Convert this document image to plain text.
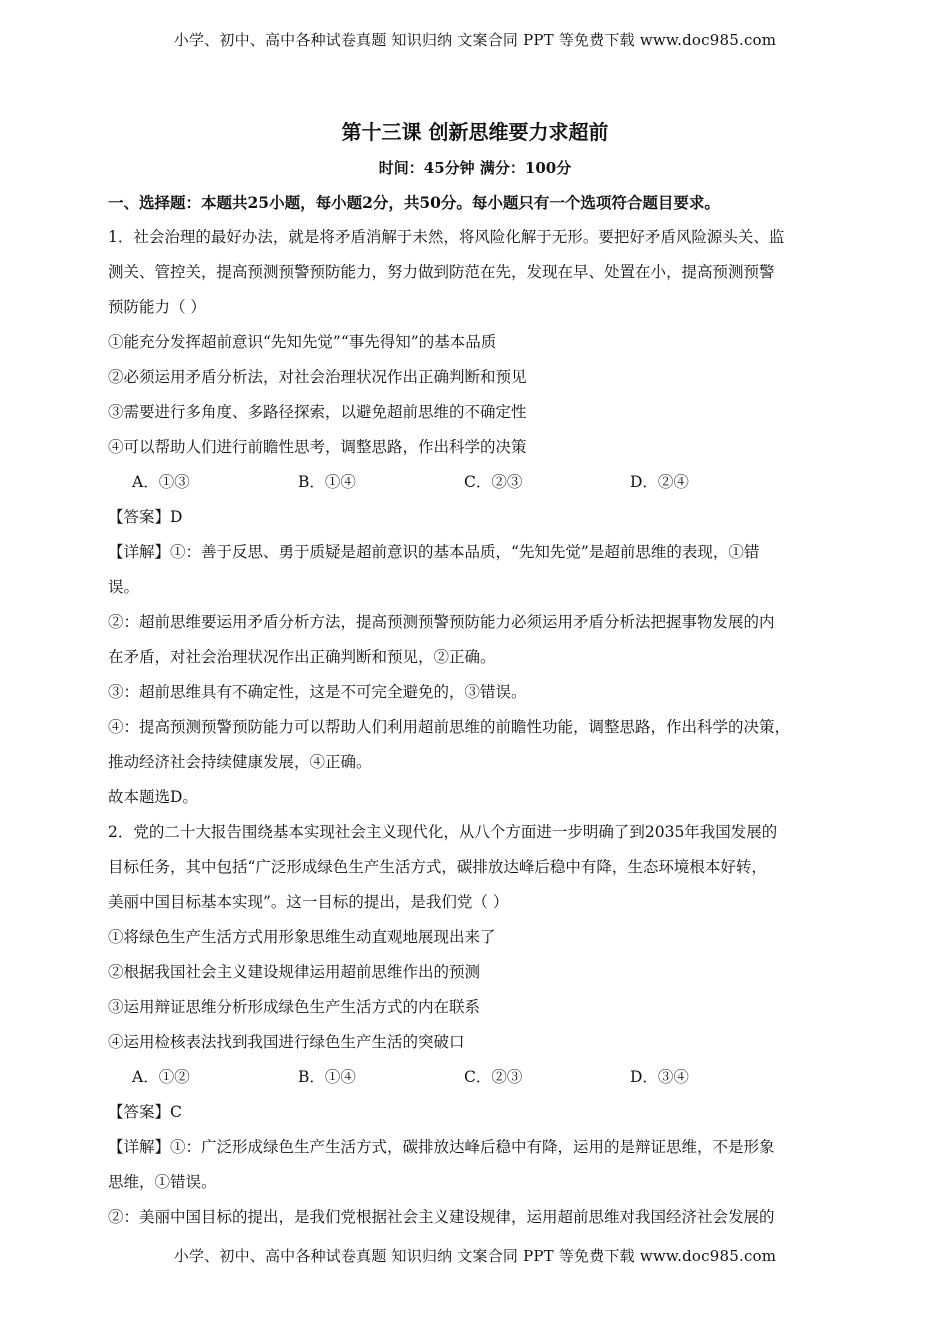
小学、初中、高中各种试卷真题 知识归纳 文案合同 PPT 等免费下载 www.doc985.com
第十三课 创新思维要力求超前
时间：45分钟 满分：100分
一、选择题：本题共25小题，每小题2分，共50分。每小题只有一个选项符合题目要求。
1．社会治理的最好办法，就是将矛盾消解于未然，将风险化解于无形。要把好矛盾风险源头关、监
测关、管控关，提高预测预警预防能力，努力做到防范在先，发现在早、处置在小，提高预测预警
预防能力（ ）
①能充分发挥超前意识“先知先觉”“事先得知”的基本品质
②必须运用矛盾分析法，对社会治理状况作出正确判断和预见
③需要进行多角度、多路径探索，以避免超前思维的不确定性
④可以帮助人们进行前瞻性思考，调整思路，作出科学的决策
A．①③	B．①④	C．②③	D．②④
【答案】D
【详解】①：善于反思、勇于质疑是超前意识的基本品质，“先知先觉”是超前思维的表现，①错
误。
②：超前思维要运用矛盾分析方法，提高预测预警预防能力必须运用矛盾分析法把握事物发展的内
在矛盾，对社会治理状况作出正确判断和预见，②正确。
③：超前思维具有不确定性，这是不可完全避免的，③错误。
④：提高预测预警预防能力可以帮助人们利用超前思维的前瞻性功能，调整思路，作出科学的决策，
推动经济社会持续健康发展，④正确。
故本题选D。
2．党的二十大报告围绕基本实现社会主义现代化，从八个方面进一步明确了到2035年我国发展的
目标任务，其中包括“广泛形成绿色生产生活方式，碳排放达峰后稳中有降，生态环境根本好转，
美丽中国目标基本实现”。这一目标的提出，是我们党（ ）
①将绿色生产生活方式用形象思维生动直观地展现出来了
②根据我国社会主义建设规律运用超前思维作出的预测
③运用辩证思维分析形成绿色生产生活方式的内在联系
④运用检核表法找到我国进行绿色生产生活的突破口
A．①②	B．①④	C．②③	D．③④
【答案】C
【详解】①：广泛形成绿色生产生活方式，碳排放达峰后稳中有降，运用的是辩证思维，不是形象
思维，①错误。
②：美丽中国目标的提出，是我们党根据社会主义建设规律，运用超前思维对我国经济社会发展的
小学、初中、高中各种试卷真题 知识归纳 文案合同 PPT 等免费下载 www.doc985.com
